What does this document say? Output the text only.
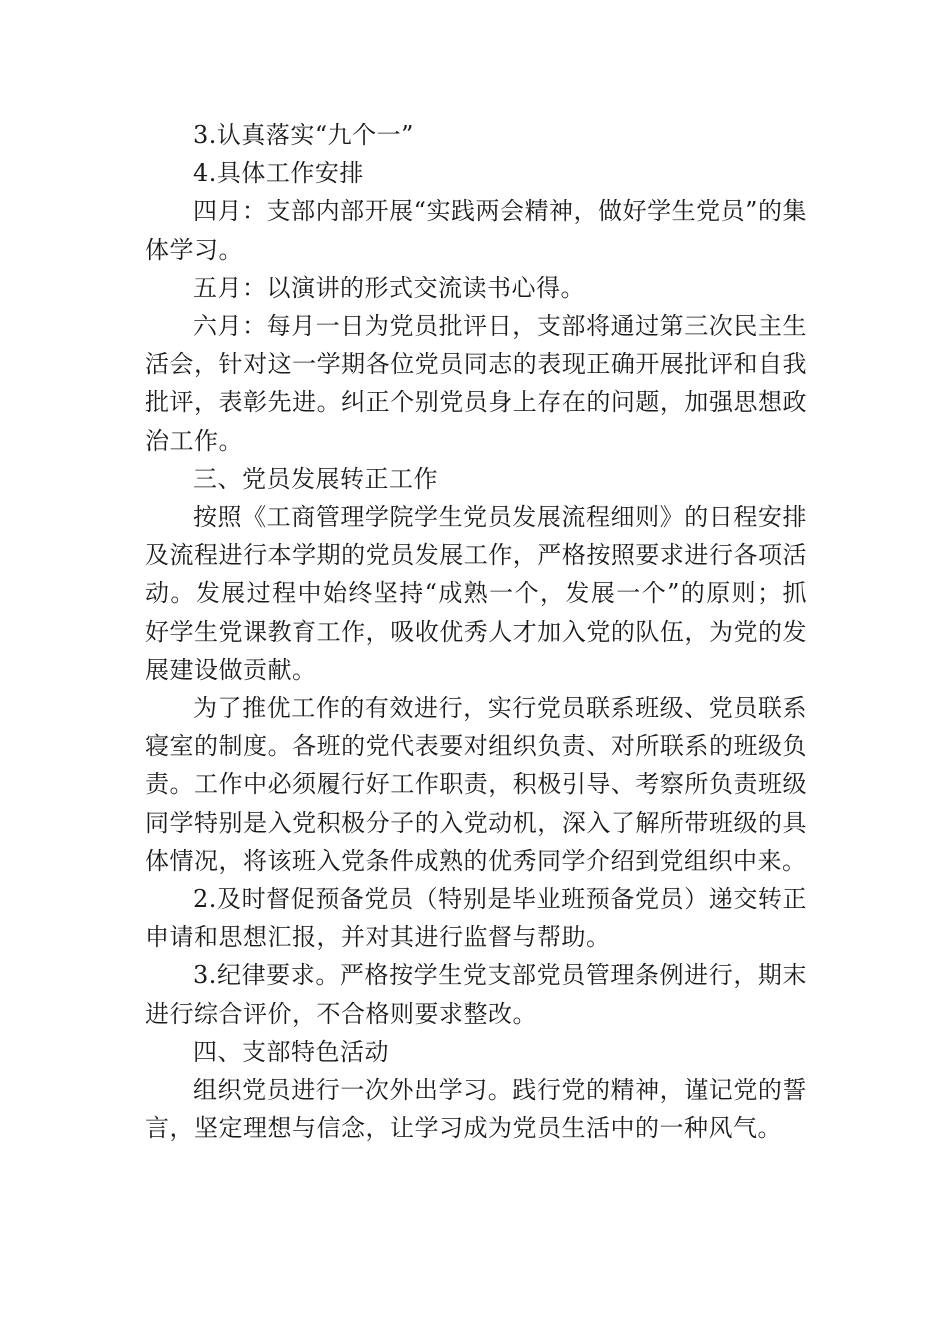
3.认真落实“九个一”

4.具体工作安排

四月：支部内部开展“实践两会精神，做好学生党员”的集体学习。

五月：以演讲的形式交流读书心得。

六月：每月一日为党员批评日，支部将通过第三次民主生活会，针对这一学期各位党员同志的表现正确开展批评和自我批评，表彰先进。纠正个别党员身上存在的问题，加强思想政治工作。

三、党员发展转正工作

按照《工商管理学院学生党员发展流程细则》的日程安排及流程进行本学期的党员发展工作，严格按照要求进行各项活动。发展过程中始终坚持“成熟一个，发展一个”的原则；抓好学生党课教育工作，吸收优秀人才加入党的队伍，为党的发展建设做贡献。

为了推优工作的有效进行，实行党员联系班级、党员联系寝室的制度。各班的党代表要对组织负责、对所联系的班级负责。工作中必须履行好工作职责，积极引导、考察所负责班级同学特别是入党积极分子的入党动机，深入了解所带班级的具体情况，将该班入党条件成熟的优秀同学介绍到党组织中来。

2.及时督促预备党员（特别是毕业班预备党员）递交转正申请和思想汇报，并对其进行监督与帮助。

3.纪律要求。严格按学生党支部党员管理条例进行，期末进行综合评价，不合格则要求整改。

四、支部特色活动

组织党员进行一次外出学习。践行党的精神，谨记党的誓言，坚定理想与信念，让学习成为党员生活中的一种风气。
